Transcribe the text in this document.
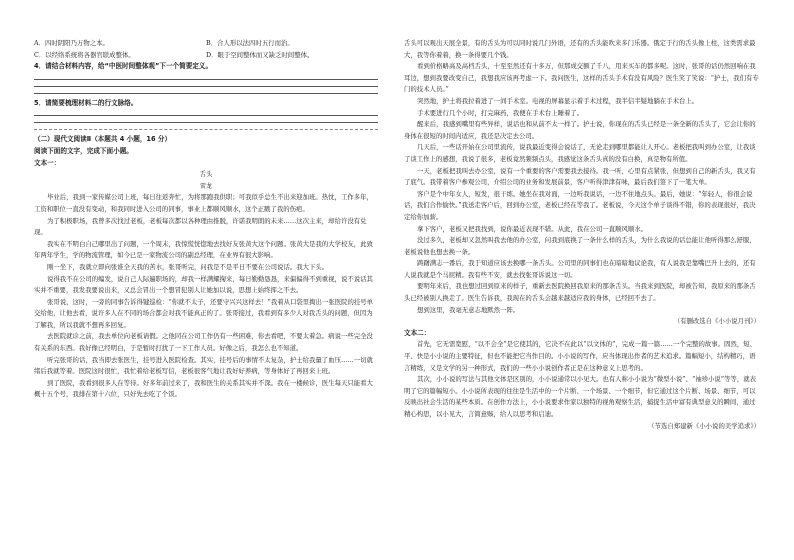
A．四时阴阳乃万物之本。	B．合人形以法四时五行而治。
C．以经络系统将各器官联成整体。	D．眼于空间整体而又缺乏时间整体。

4．请结合材料内容，给“中医时间整体观”下一个简要定义。

5．请简要梳理材料二的行文脉络。

（二）现代文阅读Ⅱ（本题共 4 小题，16 分）

阅读下面的文字，完成下面小题。

文本一：

舌头

雷龙

毕业后，我到一家传媒公司上班，每日往返奔忙，为将那跑我供职；可我似乎总生不出来迎加班。热忱，工作多年，工资和职位一直没有变动，和我同时进入公司的同事，事业上都顺风顺水，这个正戳了我的伤疤。

为了积极职场，我曾多次找过老板，老板每次都以各种理由推脱，许诺我明朗的未来……这次主来，却给许没有兑现。

我实在不明白自己哪里出了问题，一个周末，我惊慌恍惚地去找好友张黄大这个问题。张黄大是我的大学校友，此致年两年学生，学的物流管理，如今已是一家物流公司的副总经理，在业界有很大影响。

刚一坐下，我就立即向张谁全天我的苦水，张哥听完，问我是不是平日不要在公司说话。我大下头。

说得我不在公司的编发，说自己人际遍职场的，却我一样满耀掬来，每日勤勤恳恳，来偏偏得不到重视，说不说话其实并不重要，我发我要说出来，又总会冒出一个想冒犯别人让她加以说，思想上始终挥之不去。

张哥说，这时，一旁的同事告诉得键巡检：“你就不太子，还要守兴兴这样去！”我着从口袋里掏出一张医院的挂号单交给他，让他去看，说许多人在不同的场合都会对我不能真正的了。张哥接过，我看到有多少人对我舌头的问题，但因为了解我，所以我就不想再多回复。

去医院就诊之前，我去单位向老板请假。之他同在公司工作仍有一些困难，你去看吧，不要太着急。病说一些完全没有关系的东西。我好像已经明白，于是暂时打扰了一下工作人员。好像之后，我怎么也不知道。

听完张哥的话，我当即去张医生，挂号进入医院检查。其实，挂号后的事情不太复杂，护士给我量了血压……一切就绪后我就等着。医院这时很忙，我忙着给老板写信，老板很客气地让我好好养病，等身体好了再回来上班。

到了医院，我看到很多人在等待。好多年前过来了，我和医生的关系其实并不深。我在一楼候诊，医生每天只能看大概十五个号，我排在第十六位，只好先去吃了个饭。

舌头可以观出天展全景，有的舌头为可以同时说几门外语，还有的舌头能吹来多门乐器。俄定于行的舌头像上柱，这类需求最大，我等你着着，换一条得要几个钱。

看到价格略高及高档舌头，十至至然还有十多万，但那成交额了千八，用来买车的都多呢。这时，张哥的话仍然回响在我耳边，想到我要改变自己，我想我应该再考虑一下。我问医生，这样的舌头手术有没有风险？医生笑了笑说：“护士，我们有专门的技术人员。”

突然地，护士将我拉着进了一间手术室。电视的屏幕显示着手术过程，我半信半疑地躺在手术台上。

手术要进行几个小时，打完麻药，我便在手术台上睡着了。

醒来后，我感到嘴里有些异样，说话也和从前不太一样了。护士说，你现在的舌头已经是一条全新的舌头了，它会让你的身体在很短的时间内适应，我还是决定去公司。

几天后，一些话开始在公司里流传，说我最近变得会说话了，无论走到哪里都能让人开心。老板把我叫到办公室，让我谈了谈工作上的感想，我说了很多，老板竟然频频点头，我感觉这条舌头真的没有白换，真是物有所值。

一天，老板把我叫去办公室，说有一个重要的客户需要我去接待。我一听，心里有点紧张，但想到自己的新舌头，我又有了底气。我带着客户参观公司，介绍公司的业务和发展前景，客户听得津津有味，最后我们签下了一笔大单。

客户是个中年女人，短发，很干练。她坐在我对面，一边听我说话，一边不住地点头。最后，她说：“年轻人，你很会说话，我们合作愉快。”我送走客户后，回到办公室，老板已经在等我了。老板说，今天这个单子谈得不错，你的表现很好，我决定给你加薪。

拿下客户，老板又把我找到，说你最近表现不错。从此，我在公司一直顺风顺水。

没过多久，老板却又忽然叫我去他的办公室，问我到底换了一条什么样的舌头，为什么我说的话总能让他听得那么舒服，老板说他也想去换一条。

踌躇满志一番后，我于知道应该去换哪一条舌头。公司里的同事们也在暗暗地议论我，有人说我是靠嘴巴升上去的，还有人说我就是个马屁精。我有些不安，就去找张哥诉说这一切。

要明年来后，我也想过回到原来的样子，重新去医院换回我原来的那条舌头。当我来到医院，却被告知，我原来的那条舌头已经被别人换走了。医生告诉我，我现在的舌头会越来越适应我的身体，已经回不去了。

想到这里，我毫无意志地默然一阵。

（有删改选自《小小说月刊》）

文本二：

首先，它无需宽慰，“以不会全”是它使其的，它决不在此以“以文体的”，完成一篇一篇……一个完整的故事。固然，短、平、快是小小说的主要特征，但也不能把它当作目的。小小说的写作，应当体现出作者的艺术追求。篇幅短小，结构精巧，语言精练，又是文学的另一种形式，我们的一些小小说创作者正是在这种意义上思考的。

其次，小小说的写法与其他文体是区别的，小小说通常以小见大。也有人称小小说为“微型小说”、“袖珍小说”等等，就表明了它的篇幅短小。小小说所表现的往往是生活中的一个片断、一个场景、一个细节，但它通过这个片断、场景、细节，可以反映出社会生活的某些本质。在创作方法上，小小说要求作家以独特的视角观察生活，捕捉生活中富有典型意义的瞬间，通过精心构思，以小见大，言简意赅，给人以思考和启迪。

（节选自郑建新《小小说的美学追求》）
